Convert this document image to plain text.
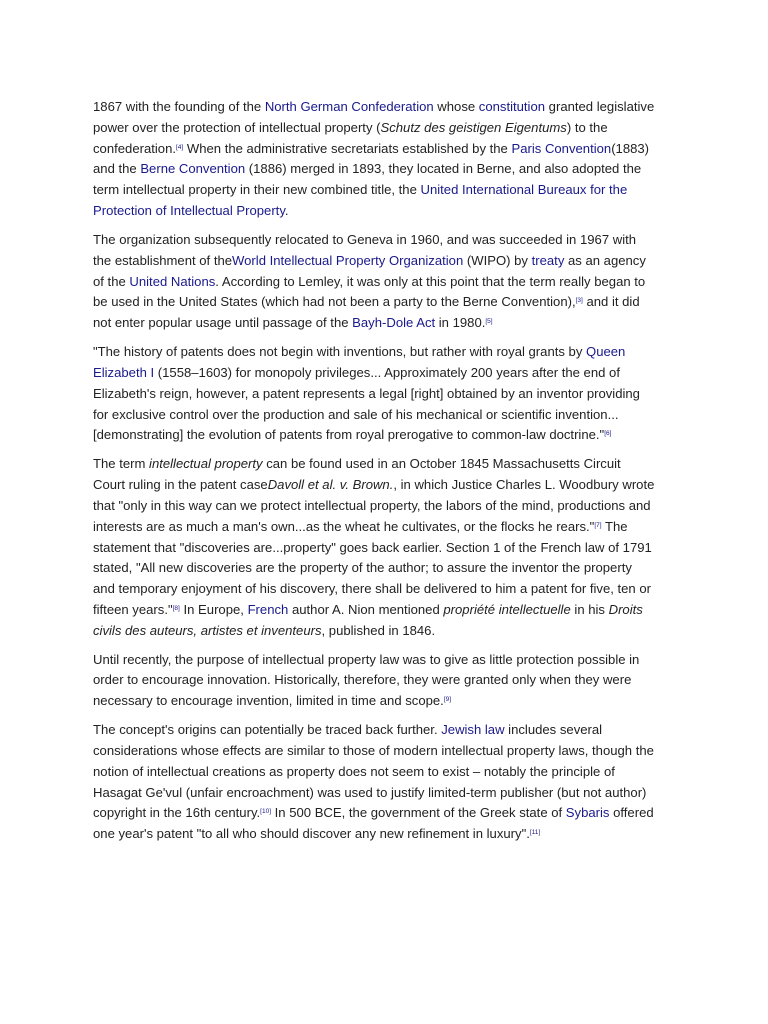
1867 with the founding of the North German Confederation whose constitution granted legislative
power over the protection of intellectual property (Schutz des geistigen Eigentums) to the
confederation.[4] When the administrative secretariats established by the Paris Convention(1883)
and the Berne Convention (1886) merged in 1893, they located in Berne, and also adopted the
term intellectual property in their new combined title, the United International Bureaux for the
Protection of Intellectual Property.

The organization subsequently relocated to Geneva in 1960, and was succeeded in 1967 with
the establishment of theWorld Intellectual Property Organization (WIPO) by treaty as an agency
of the United Nations. According to Lemley, it was only at this point that the term really began to
be used in the United States (which had not been a party to the Berne Convention),[3] and it did
not enter popular usage until passage of the Bayh-Dole Act in 1980.[5]

"The history of patents does not begin with inventions, but rather with royal grants by Queen
Elizabeth I (1558–1603) for monopoly privileges... Approximately 200 years after the end of
Elizabeth's reign, however, a patent represents a legal [right] obtained by an inventor providing
for exclusive control over the production and sale of his mechanical or scientific invention...
[demonstrating] the evolution of patents from royal prerogative to common-law doctrine."[6]

The term intellectual property can be found used in an October 1845 Massachusetts Circuit
Court ruling in the patent caseDavoll et al. v. Brown., in which Justice Charles L. Woodbury wrote
that "only in this way can we protect intellectual property, the labors of the mind, productions and
interests are as much a man's own...as the wheat he cultivates, or the flocks he rears."[7] The
statement that "discoveries are...property" goes back earlier. Section 1 of the French law of 1791
stated, "All new discoveries are the property of the author; to assure the inventor the property
and temporary enjoyment of his discovery, there shall be delivered to him a patent for five, ten or
fifteen years."[8] In Europe, French author A. Nion mentioned propriété intellectuelle in his Droits
civils des auteurs, artistes et inventeurs, published in 1846.

Until recently, the purpose of intellectual property law was to give as little protection possible in
order to encourage innovation. Historically, therefore, they were granted only when they were
necessary to encourage invention, limited in time and scope.[9]

The concept's origins can potentially be traced back further. Jewish law includes several
considerations whose effects are similar to those of modern intellectual property laws, though the
notion of intellectual creations as property does not seem to exist – notably the principle of
Hasagat Ge'vul (unfair encroachment) was used to justify limited-term publisher (but not author)
copyright in the 16th century.[10] In 500 BCE, the government of the Greek state of Sybaris offered
one year's patent "to all who should discover any new refinement in luxury".[11]
